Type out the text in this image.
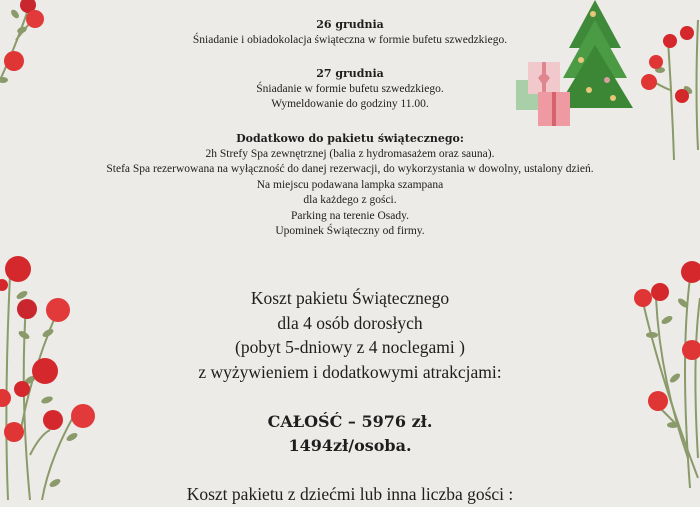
26 grudnia
Śniadanie i obiadokolacja świąteczna w formie bufetu szwedzkiego.
27 grudnia
Śniadanie w formie bufetu szwedzkiego.
Wymeldowanie do godziny 11.00.
Dodatkowo do pakietu świątecznego:
2h Strefy Spa zewnętrznej (balia z hydromasażem oraz sauna).
Stefa Spa rezerwowana na wyłączność do danej rezerwacji, do wykorzystania w dowolny, ustalony dzień.
Na miejscu podawana lampka szampana
dla każdego z gości.
Parking na terenie Osady.
Upominek Świąteczny od firmy.
Koszt pakietu Świątecznego
dla 4 osób dorosłych
(pobyt 5-dniowy z 4 noclegami )
z wyżywieniem i dodatkowymi atrakcjami:
CAŁOŚĆ – 5976 zł.
1494zł/osoba.
Koszt pakietu z dziećmi lub inna liczba gości :
